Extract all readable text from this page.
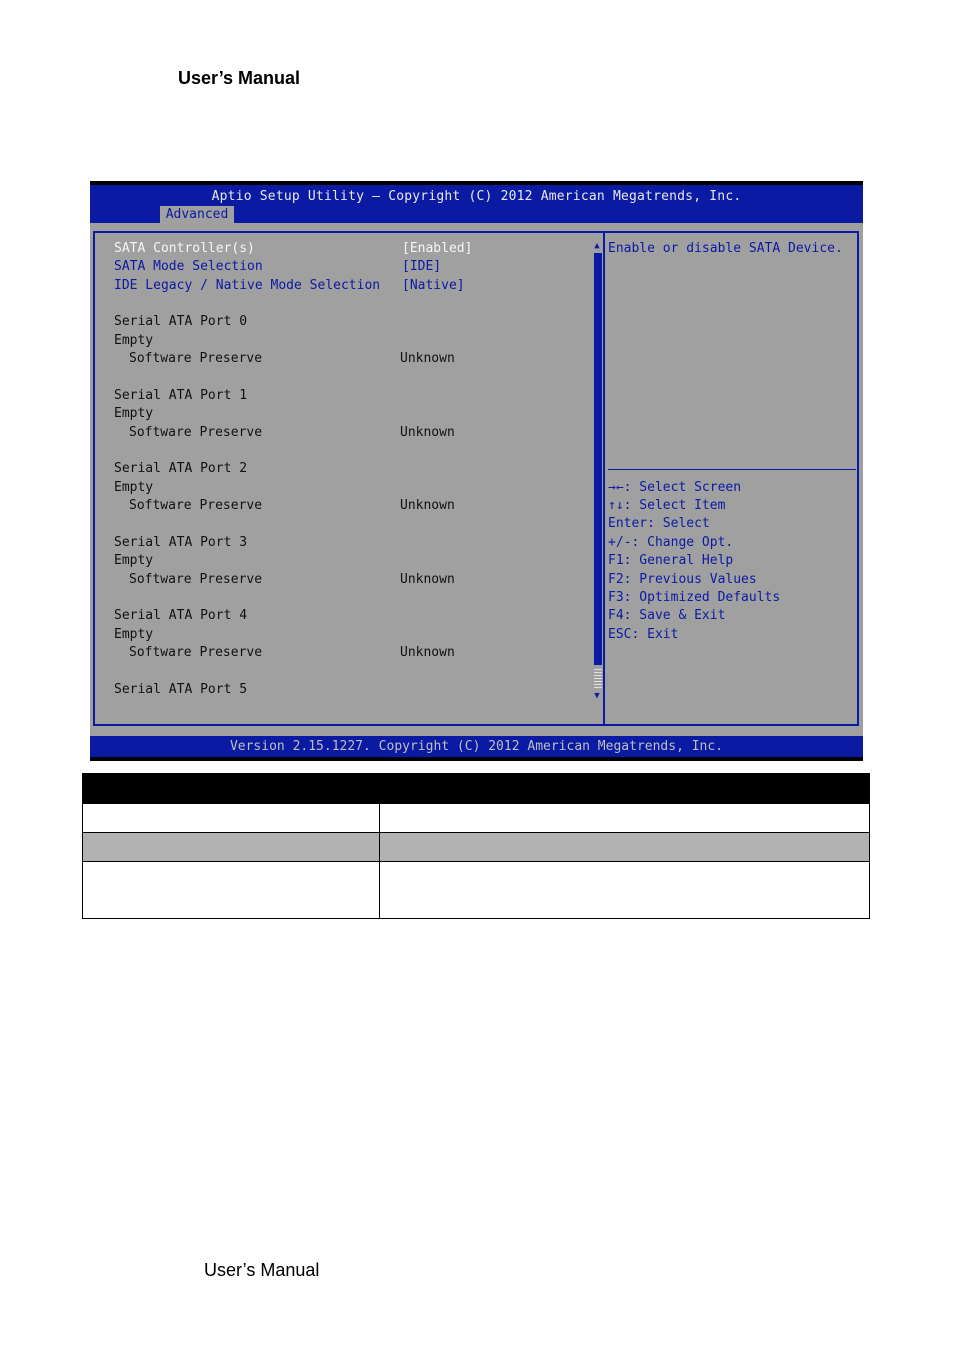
User’s Manual
Aptio Setup Utility – Copyright (C) 2012 American Megatrends, Inc.
Advanced
SATA Controller(s)	[Enabled]
SATA Mode Selection	[IDE]
IDE Legacy / Native Mode Selection [Native]
Serial ATA Port 0
Empty
Software Preserve	Unknown
Serial ATA Port 1
Empty
Software Preserve	Unknown
Serial ATA Port 2
Empty
Software Preserve	Unknown
Serial ATA Port 3
Empty
Software Preserve	Unknown
Serial ATA Port 4
Empty
Software Preserve	Unknown
Serial ATA Port 5
▲
▼
Enable or disable SATA Device.
→←: Select Screen
↑↓: Select Item
Enter: Select
+/-: Change Opt.
F1: General Help
F2: Previous Values
F3: Optimized Defaults
F4: Save & Exit
ESC: Exit
Version 2.15.1227. Copyright (C) 2012 American Megatrends, Inc.

User’s Manual
